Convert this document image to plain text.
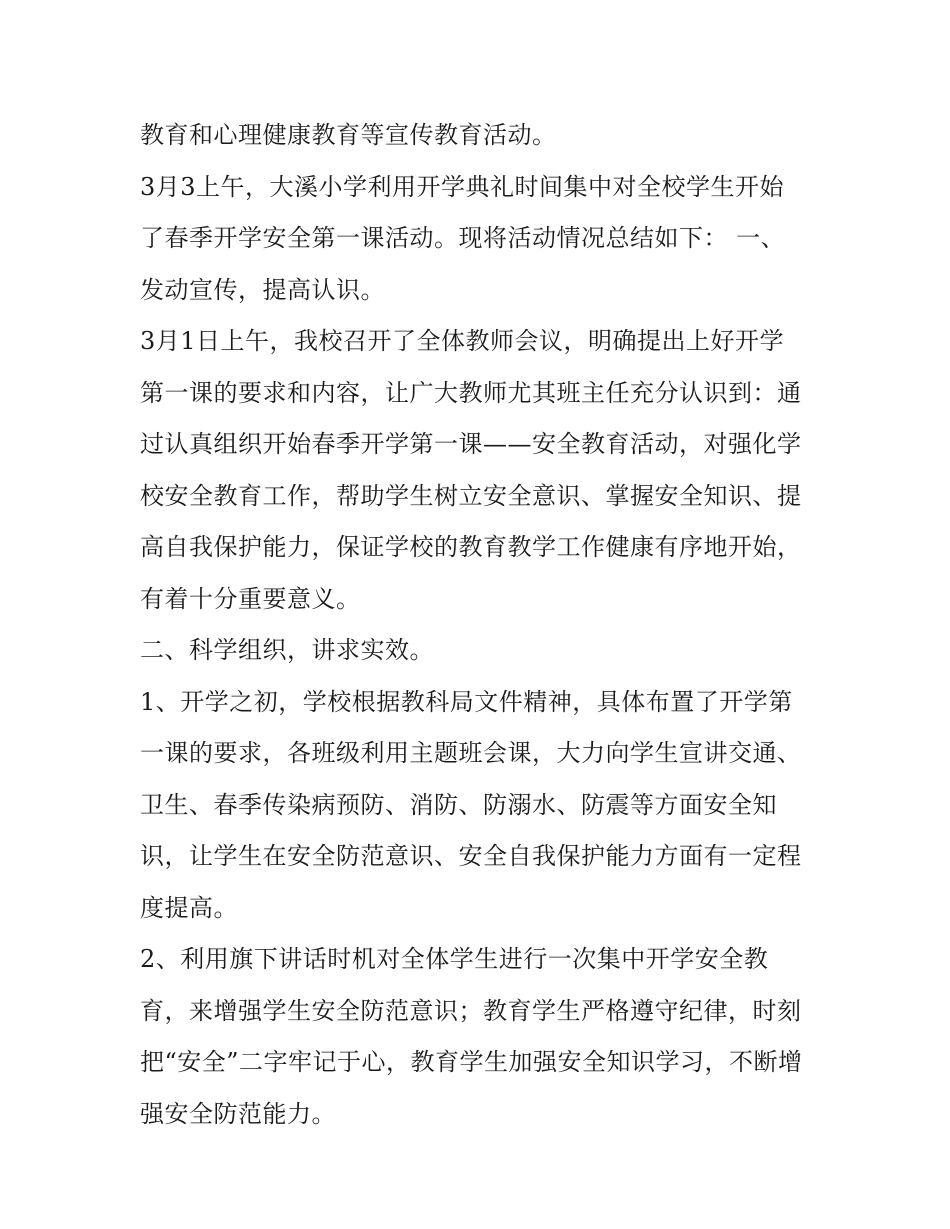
教育和心理健康教育等宣传教育活动。
3月3上午，大溪小学利用开学典礼时间集中对全校学生开始
了春季开学安全第一课活动。现将活动情况总结如下： 一、
发动宣传，提高认识。
3月1日上午，我校召开了全体教师会议，明确提出上好开学
第一课的要求和内容，让广大教师尤其班主任充分认识到：通
过认真组织开始春季开学第一课——安全教育活动，对强化学
校安全教育工作，帮助学生树立安全意识、掌握安全知识、提
高自我保护能力，保证学校的教育教学工作健康有序地开始，
有着十分重要意义。
二、科学组织，讲求实效。
1、开学之初，学校根据教科局文件精神，具体布置了开学第
一课的要求，各班级利用主题班会课，大力向学生宣讲交通、
卫生、春季传染病预防、消防、防溺水、防震等方面安全知
识，让学生在安全防范意识、安全自我保护能力方面有一定程
度提高。
2、利用旗下讲话时机对全体学生进行一次集中开学安全教
育，来增强学生安全防范意识；教育学生严格遵守纪律，时刻
把“安全”二字牢记于心，教育学生加强安全知识学习，不断增
强安全防范能力。
